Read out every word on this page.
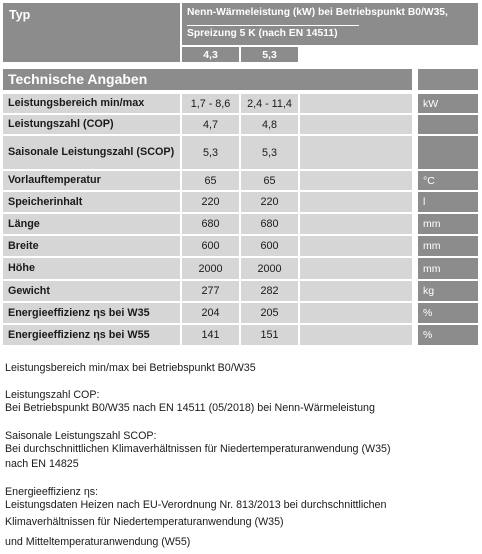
Typ	Nenn-Wärmeleistung (kW) bei Betriebspunkt B0/W35,
Spreizung 5 K (nach EN 14511)
4,3	5,3
Technische Angaben
Leistungsbereich min/max	1,7 - 8,6	2,4 - 11,4	kW
Leistungszahl (COP)	4,7	4,8
Saisonale Leistungszahl (SCOP)	5,3	5,3
Vorlauftemperatur	65	65	°C
Speicherinhalt	220	220	l
Länge	680	680	mm
Breite	600	600	mm
Höhe	2000	2000	mm
Gewicht	277	282	kg
Energieeffizienz ηs bei W35	204	205	%
Energieeffizienz ηs bei W55	141	151	%
Leistungsbereich min/max bei Betriebspunkt B0/W35
Leistungszahl COP:
Bei Betriebspunkt B0/W35 nach EN 14511 (05/2018) bei Nenn-Wärmeleistung
Saisonale Leistungszahl SCOP:
Bei durchschnittlichen Klimaverhältnissen für Niedertemperaturanwendung (W35)
nach EN 14825
Energieeffizienz ηs:
Leistungsdaten Heizen nach EU-Verordnung Nr. 813/2013 bei durchschnittlichen
Klimaverhältnissen für Niedertemperaturanwendung (W35)
und Mitteltemperaturanwendung (W55)
